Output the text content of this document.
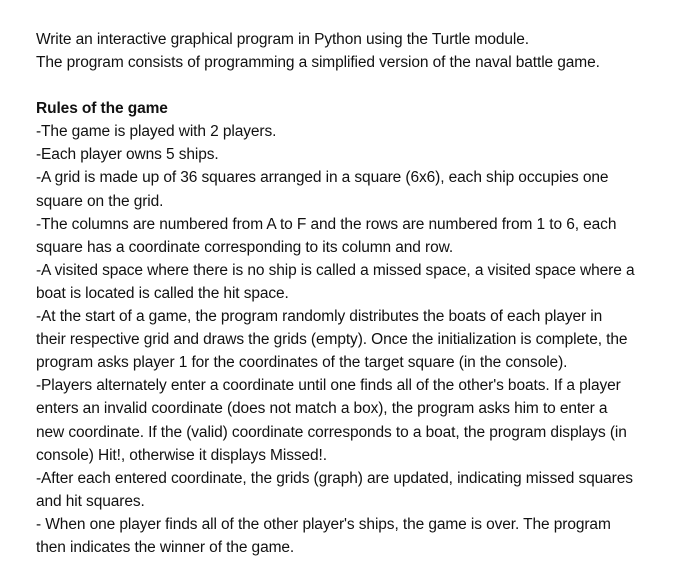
Write an interactive graphical program in Python using the Turtle module.
The program consists of programming a simplified version of the naval battle game.
Rules of the game
-The game is played with 2 players.
-Each player owns 5 ships.
-A grid is made up of 36 squares arranged in a square (6x6), each ship occupies one
square on the grid.
-The columns are numbered from A to F and the rows are numbered from 1 to 6, each
square has a coordinate corresponding to its column and row.
-A visited space where there is no ship is called a missed space, a visited space where a
boat is located is called the hit space.
-At the start of a game, the program randomly distributes the boats of each player in
their respective grid and draws the grids (empty). Once the initialization is complete, the
program asks player 1 for the coordinates of the target square (in the console).
-Players alternately enter a coordinate until one finds all of the other's boats. If a player
enters an invalid coordinate (does not match a box), the program asks him to enter a
new coordinate. If the (valid) coordinate corresponds to a boat, the program displays (in
console) Hit!, otherwise it displays Missed!.
-After each entered coordinate, the grids (graph) are updated, indicating missed squares
and hit squares.
- When one player finds all of the other player's ships, the game is over. The program
then indicates the winner of the game.
